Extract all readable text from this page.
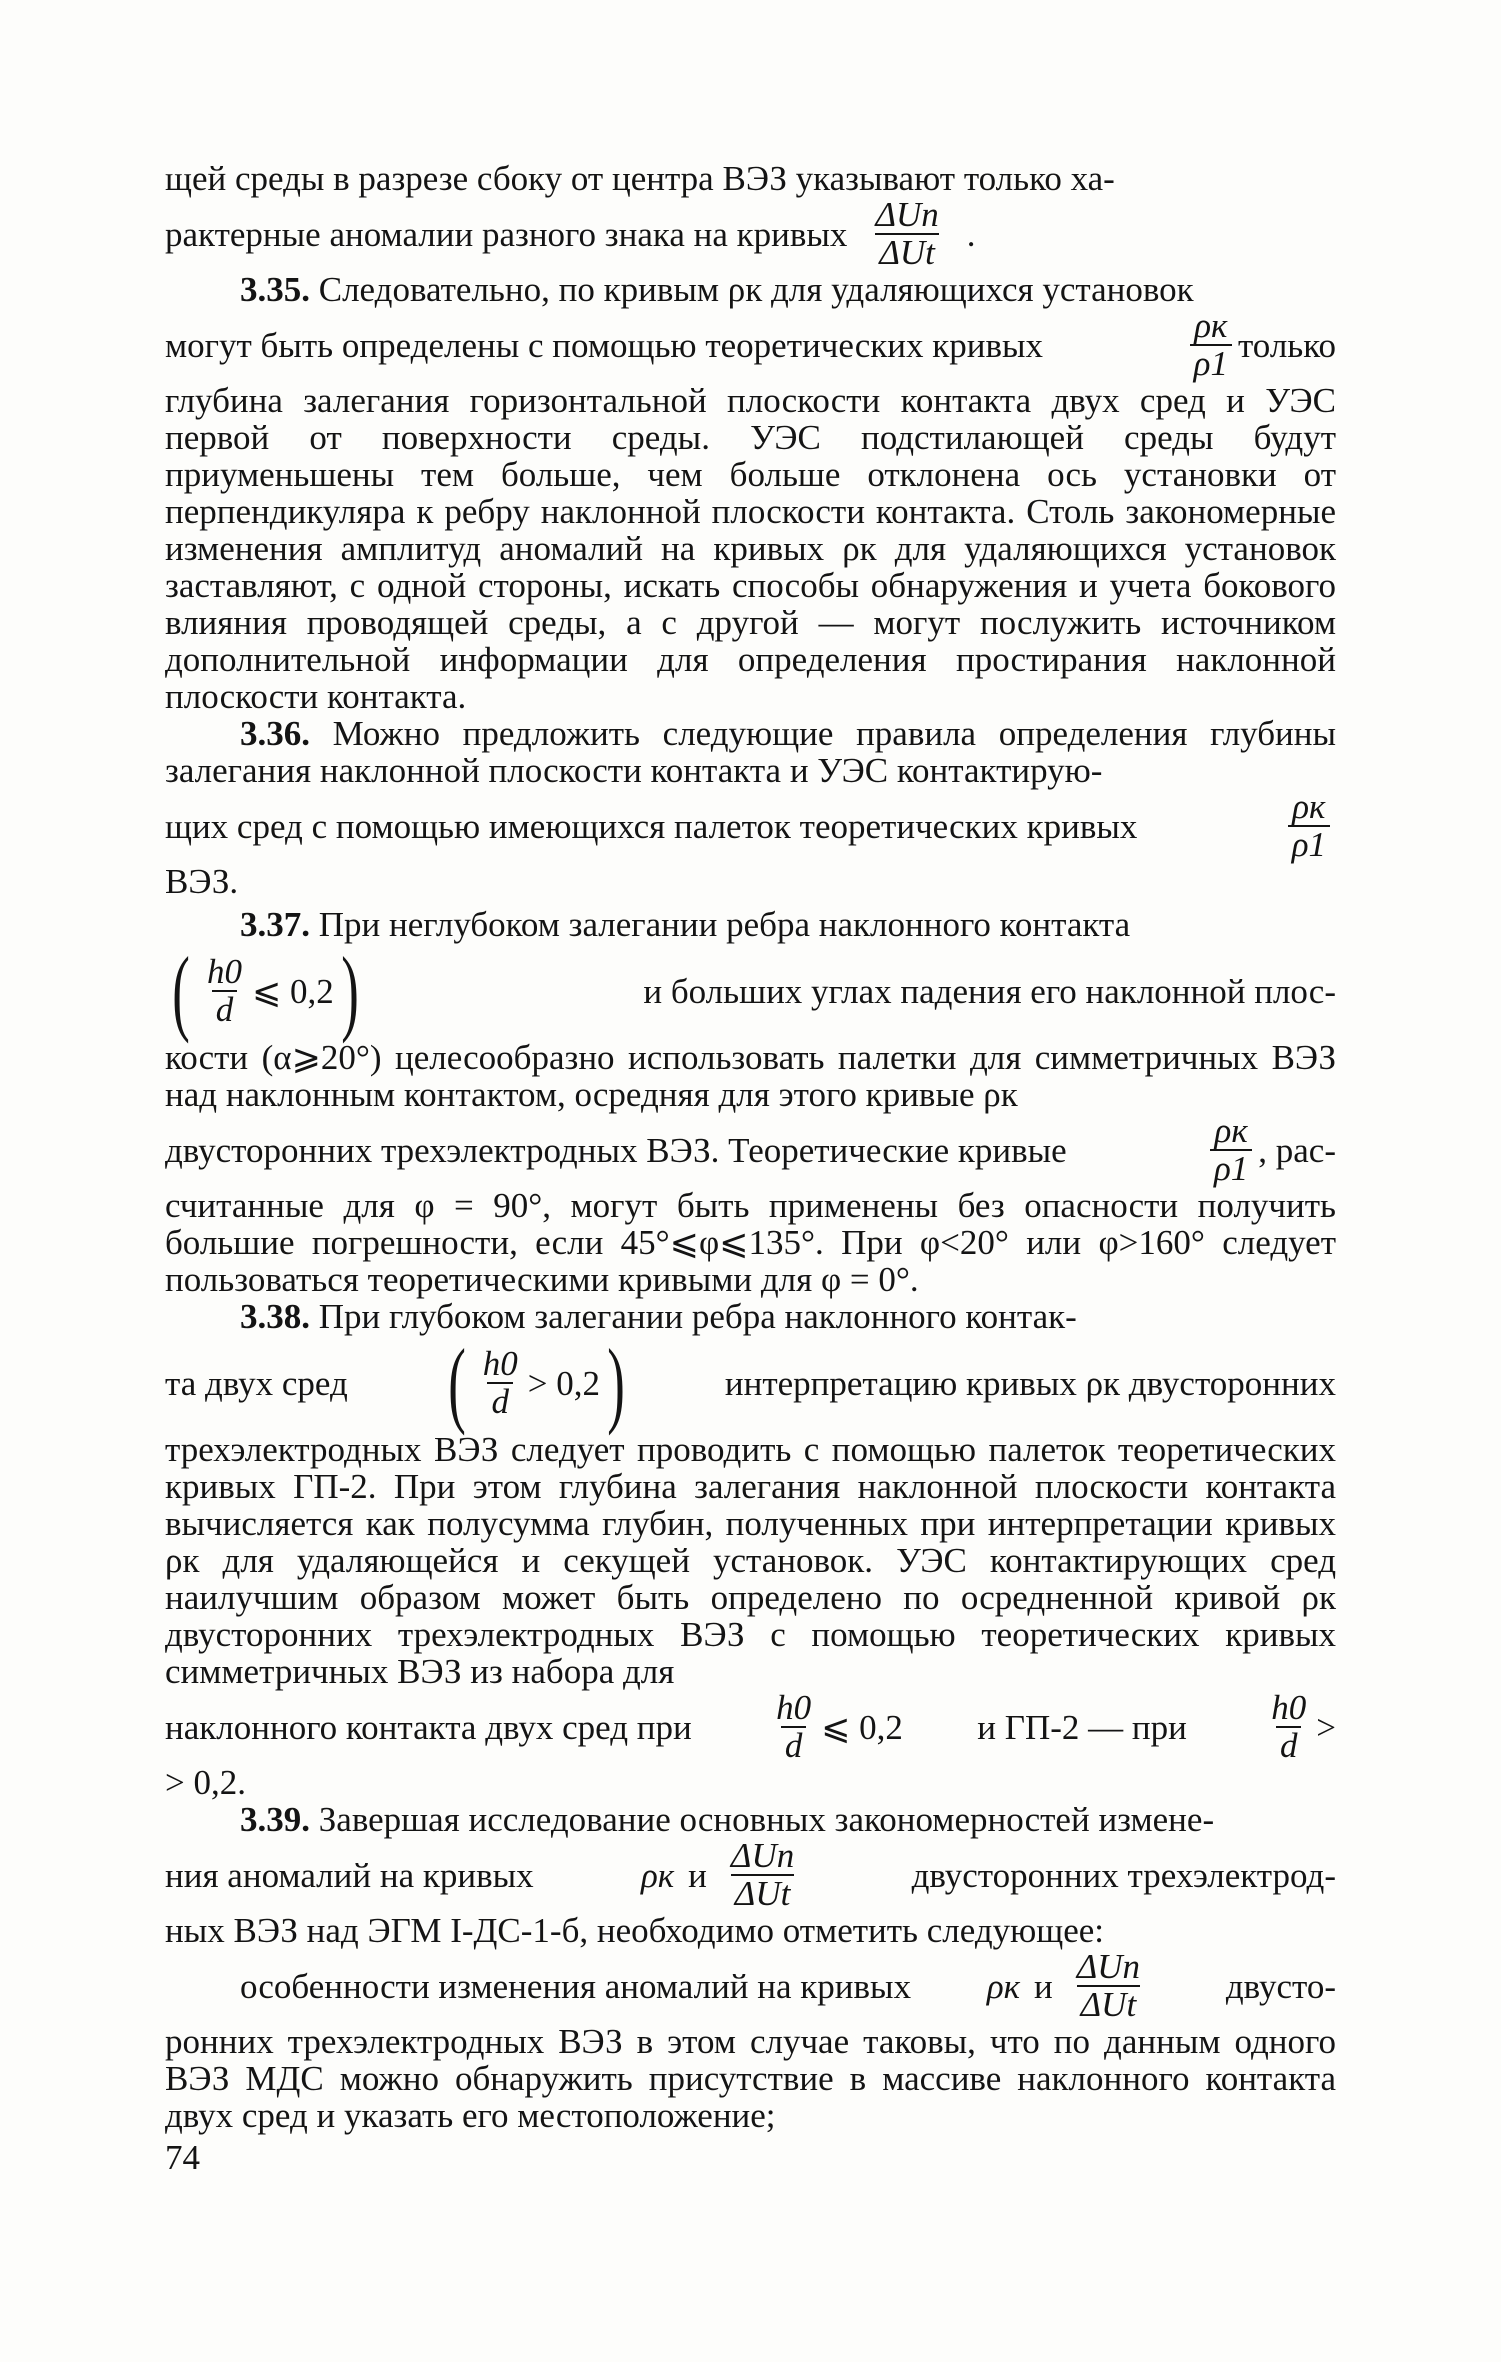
щей среды в разрезе сбоку от центра ВЭЗ указывают только ха-

рактерные аномалии разного знака на кривых $\frac{\text{ΔUn}}{\text{ΔUt}}$ .

3.35. Следовательно, по кривым ρк для удаляющихся установок

могут быть определены с помощью теоретических кривых	$\frac{\rho к}{\rho 1}$ только

глубина залегания горизонтальной плоскости контакта двух сред и УЭС первой от поверхности среды. УЭС подстилающей среды будут приуменьшены тем больше, чем больше отклонена ось установки от перпендикуляра к ребру наклонной плоскости контакта. Столь закономерные изменения амплитуд аномалий на кривых ρк для удаляющихся установок заставляют, с одной стороны, искать способы обнаружения и учета бокового влияния проводящей среды, а с другой — могут послужить источником дополнительной информации для определения простирания наклонной плоскости контакта.

3.36. Можно предложить следующие правила определения глубины залегания наклонной плоскости контакта и УЭС контактирую-

щих сред с помощью имеющихся палеток теоретических кривых	$\frac{\rho к}{\rho 1}$

ВЭЗ.

3.37. При неглубоком залегании ребра наклонного контакта

( $\frac{h0}{d}$ ⩽ 0,2 )	и больших углах падения его наклонной плос-

кости (α⩾20°) целесообразно использовать палетки для симметричных ВЭЗ над наклонным контактом, осредняя для этого кривые ρк

двусторонних трехэлектродных ВЭЗ. Теоретические кривые	$\frac{\rho к}{\rho 1}$ , рас-

считанные для φ = 90°, могут быть применены без опасности получить большие погрешности, если 45°⩽φ⩽135°. При φ<20° или φ>160° следует пользоваться теоретическими кривыми для φ = 0°.

3.38. При глубоком залегании ребра наклонного контак-

та двух сред ( $\frac{h0}{d} > 0,2$ )	интерпретацию кривых ρк двусторонних

трехэлектродных ВЭЗ следует проводить с помощью палеток теоретических кривых ГП-2. При этом глубина залегания наклонной плоскости контакта вычисляется как полусумма глубин, полученных при интерпретации кривых ρк для удаляющейся и секущей установок. УЭС контактирующих сред наилучшим образом может быть определено по осредненной кривой ρк двусторонних трехэлектродных ВЭЗ с помощью теоретических кривых симметричных ВЭЗ из набора для

наклонного контакта двух сред при $\frac{h0}{d}$ ⩽ 0,2 и ГП-2 — при $\frac{h0}{d}$ >

> 0,2.

3.39. Завершая исследование основных закономерностей измене-

ния аномалий на кривых	ρк и $\frac{\text{ΔUn}}{\text{ΔUt}}$	двусторонних трехэлектрод-

ных ВЭЗ над ЭГМ I-ДС-1-б, необходимо отметить следующее:

особенности изменения аномалий на кривых ρк и $\frac{\text{ΔUn}}{\text{ΔUt}}$ двусто-

ронних трехэлектродных ВЭЗ в этом случае таковы, что по данным одного ВЭЗ МДС можно обнаружить присутствие в массиве наклонного контакта двух сред и указать его местоположение;

74
